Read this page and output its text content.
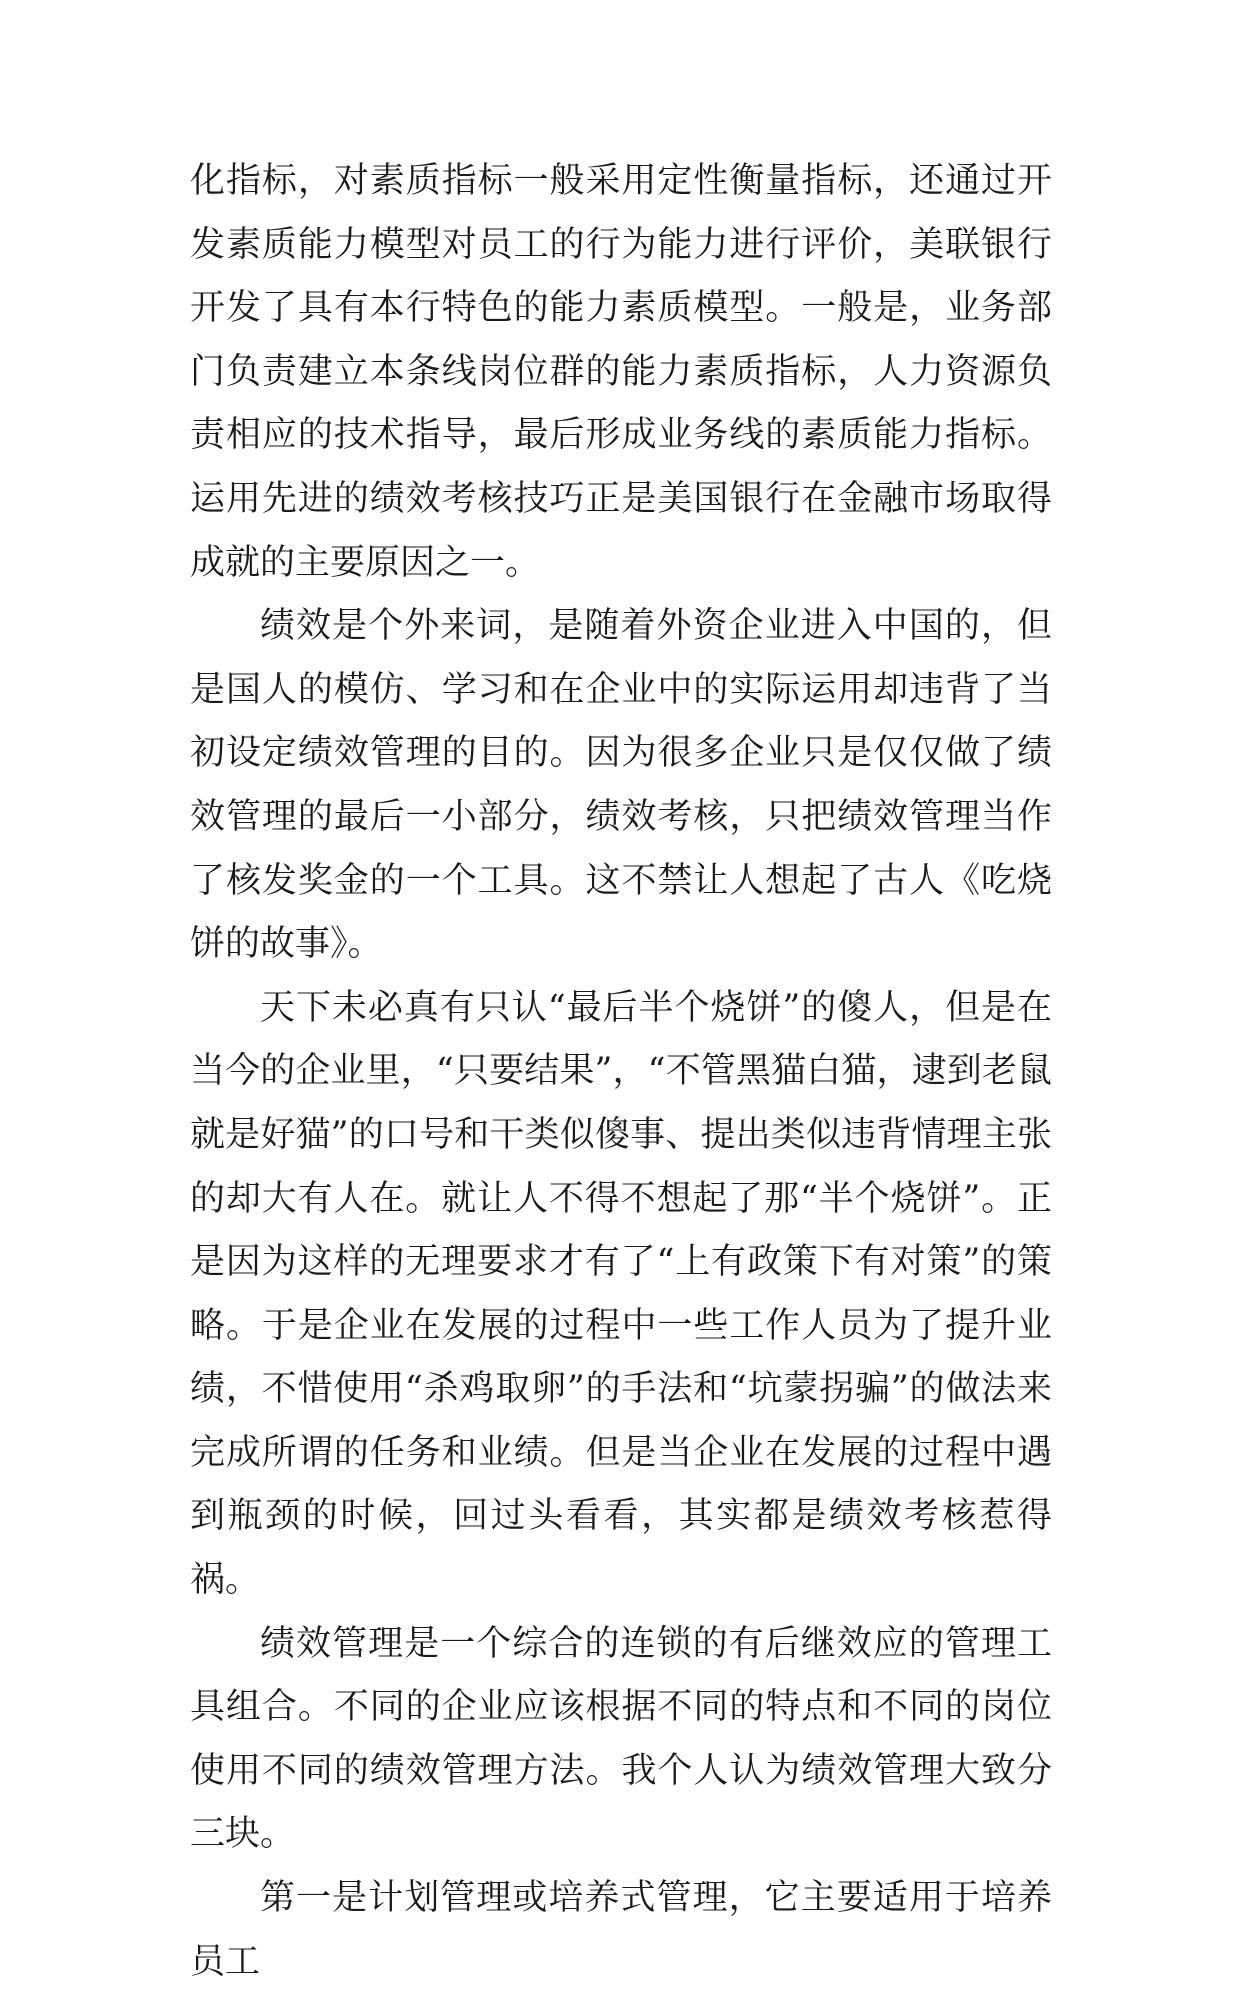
化指标，对素质指标一般采用定性衡量指标，还通过开发素质能力模型对员工的行为能力进行评价，美联银行开发了具有本行特色的能力素质模型。一般是，业务部门负责建立本条线岗位群的能力素质指标，人力资源负责相应的技术指导，最后形成业务线的素质能力指标。运用先进的绩效考核技巧正是美国银行在金融市场取得成就的主要原因之一。

绩效是个外来词，是随着外资企业进入中国的，但是国人的模仿、学习和在企业中的实际运用却违背了当初设定绩效管理的目的。因为很多企业只是仅仅做了绩效管理的最后一小部分，绩效考核，只把绩效管理当作了核发奖金的一个工具。这不禁让人想起了古人《吃烧饼的故事》。

天下未必真有只认“最后半个烧饼”的傻人，但是在当今的企业里，“只要结果”，“不管黑猫白猫，逮到老鼠就是好猫”的口号和干类似傻事、提出类似违背情理主张的却大有人在。就让人不得不想起了那“半个烧饼”。正是因为这样的无理要求才有了“上有政策下有对策”的策略。于是企业在发展的过程中一些工作人员为了提升业绩，不惜使用“杀鸡取卵”的手法和“坑蒙拐骗”的做法来完成所谓的任务和业绩。但是当企业在发展的过程中遇到瓶颈的时候，回过头看看，其实都是绩效考核惹得祸。

绩效管理是一个综合的连锁的有后继效应的管理工具组合。不同的企业应该根据不同的特点和不同的岗位使用不同的绩效管理方法。我个人认为绩效管理大致分三块。

第一是计划管理或培养式管理，它主要适用于培养员工
